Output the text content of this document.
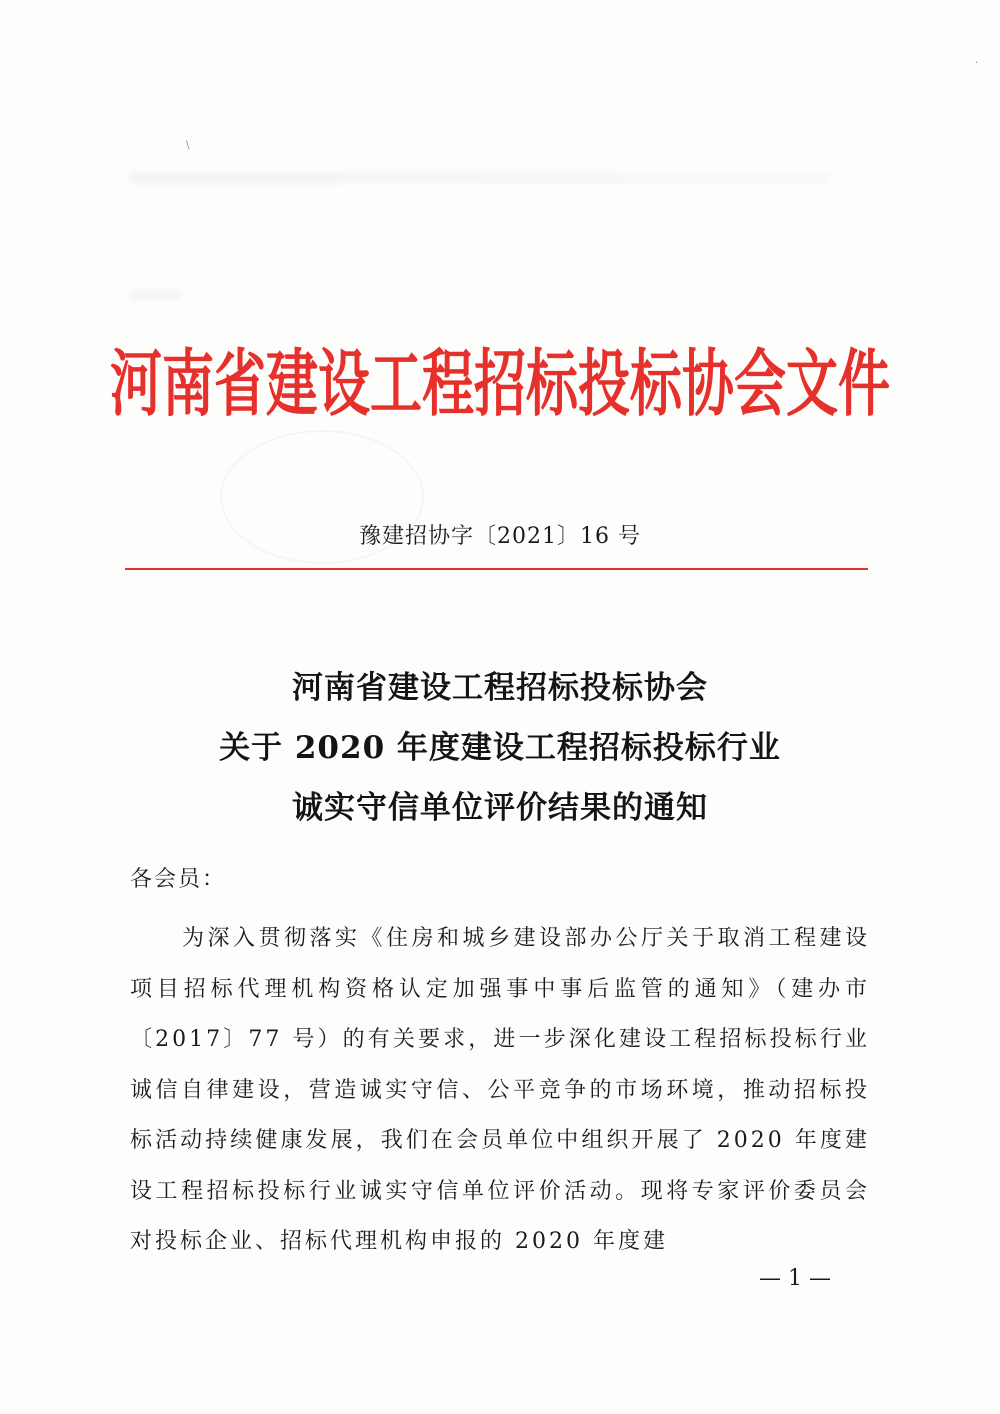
\
·
河南省建设工程招标投标协会文件
豫建招协字〔2021〕16 号
河南省建设工程招标投标协会
关于 2020 年度建设工程招标投标行业
诚实守信单位评价结果的通知
各会员：
为深入贯彻落实《住房和城乡建设部办公厅关于取消工程建设项目招标代理机构资格认定加强事中事后监管的通知》（建办市〔2017〕77 号）的有关要求，进一步深化建设工程招标投标行业诚信自律建设，营造诚实守信、公平竞争的市场环境，推动招标投标活动持续健康发展，我们在会员单位中组织开展了 2020 年度建设工程招标投标行业诚实守信单位评价活动。现将专家评价委员会对投标企业、招标代理机构申报的 2020 年度建
— 1 —
